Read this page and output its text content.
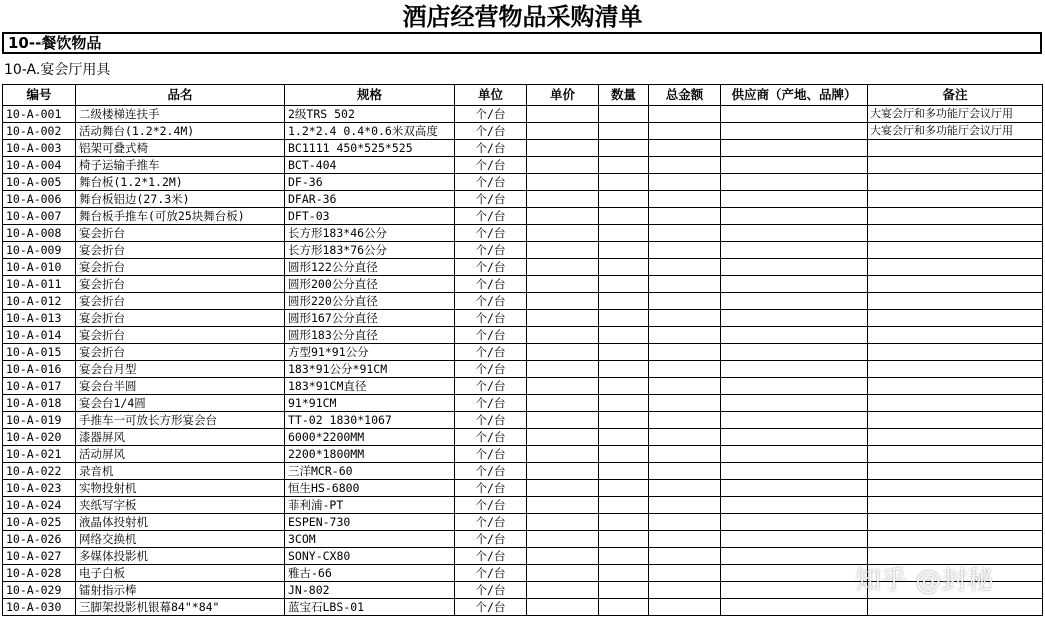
酒店经营物品采购清单
10--餐饮物品
10-A.宴会厅用具
编号	品名	规格	单位	单价	数量	总金额	供应商（产地、品牌）	备注
10-A-001	二级楼梯连扶手	2级TRS 502	个/台					大宴会厅和多功能厅会议厅用
10-A-002	活动舞台(1.2*2.4M)	1.2*2.4 0.4*0.6米双高度	个/台					大宴会厅和多功能厅会议厅用
10-A-003	铝架可叠式椅	BC1111 450*525*525	个/台					
10-A-004	椅子运输手推车	BCT-404	个/台					
10-A-005	舞台板(1.2*1.2M)	DF-36	个/台					
10-A-006	舞台板铝边(27.3米)	DFAR-36	个/台					
10-A-007	舞台板手推车(可放25块舞台板)	DFT-03	个/台					
10-A-008	宴会折台	长方形183*46公分	个/台					
10-A-009	宴会折台	长方形183*76公分	个/台					
10-A-010	宴会折台	圆形122公分直径	个/台					
10-A-011	宴会折台	圆形200公分直径	个/台					
10-A-012	宴会折台	圆形220公分直径	个/台					
10-A-013	宴会折台	圆形167公分直径	个/台					
10-A-014	宴会折台	圆形183公分直径	个/台					
10-A-015	宴会折台	方型91*91公分	个/台					
10-A-016	宴会台月型	183*91公分*91CM	个/台					
10-A-017	宴会台半圆	183*91CM直径	个/台					
10-A-018	宴会台1/4圆	91*91CM	个/台					
10-A-019	手推车一可放长方形宴会台	TT-02 1830*1067	个/台					
10-A-020	漆器屏风	6000*2200MM	个/台					
10-A-021	活动屏风	2200*1800MM	个/台					
10-A-022	录音机	三洋MCR-60	个/台					
10-A-023	实物投射机	恒生HS-6800	个/台					
10-A-024	夹纸写字板	菲利浦-PT	个/台					
10-A-025	液晶体投射机	ESPEN-730	个/台					
10-A-026	网络交换机	3COM	个/台					
10-A-027	多媒体投影机	SONY-CX80	个/台					
10-A-028	电子白板	雅古-66	个/台					
10-A-029	镭射指示棒	JN-802	个/台					
10-A-030	三脚架投影机银幕84"*84"	蓝宝石LBS-01	个/台					
知乎 @封秘
